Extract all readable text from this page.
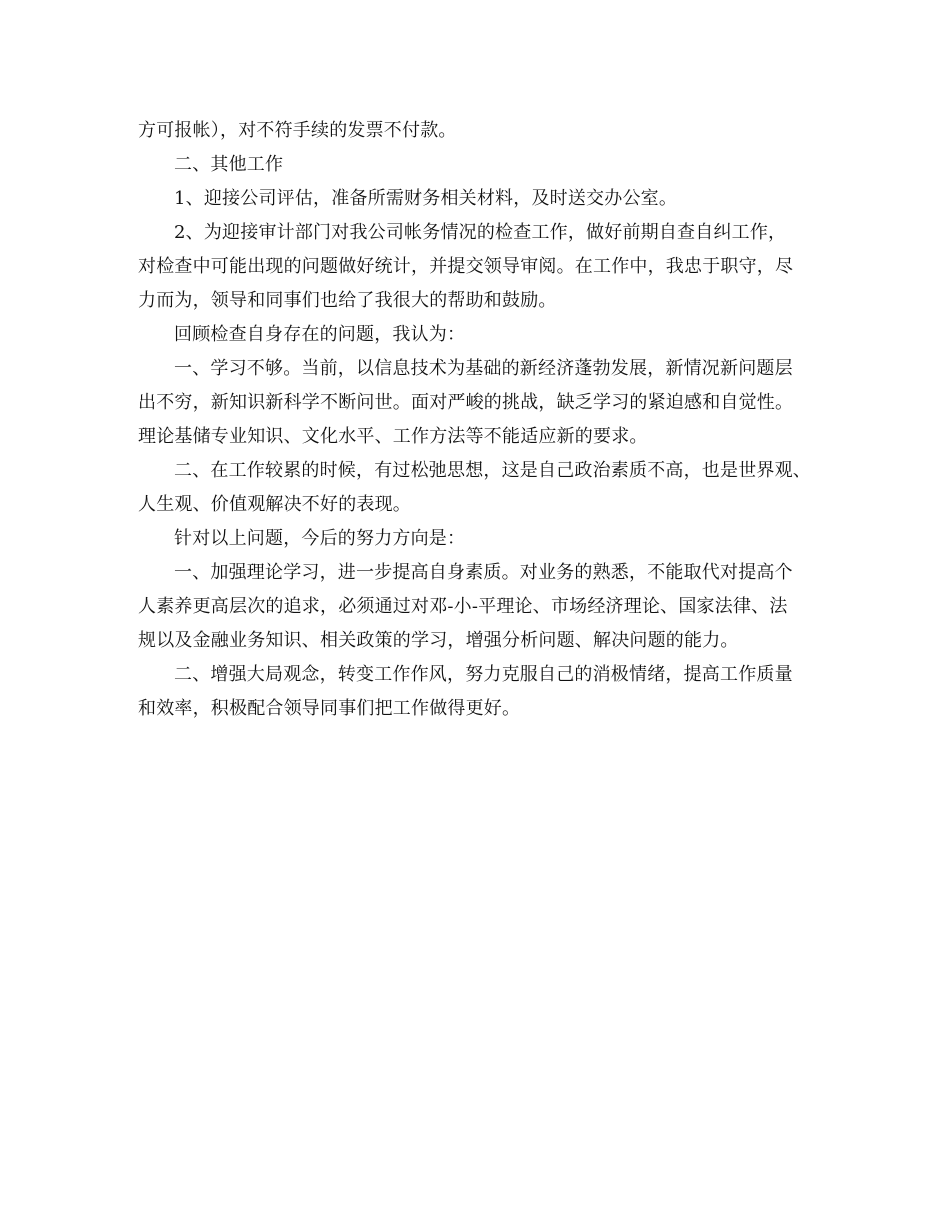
方可报帐），对不符手续的发票不付款。
二、其他工作
1、迎接公司评估，准备所需财务相关材料，及时送交办公室。
2、为迎接审计部门对我公司帐务情况的检查工作，做好前期自查自纠工作，
对检查中可能出现的问题做好统计，并提交领导审阅。在工作中，我忠于职守，尽
力而为，领导和同事们也给了我很大的帮助和鼓励。
回顾检查自身存在的问题，我认为：
一、学习不够。当前，以信息技术为基础的新经济蓬勃发展，新情况新问题层
出不穷，新知识新科学不断问世。面对严峻的挑战，缺乏学习的紧迫感和自觉性。
理论基储专业知识、文化水平、工作方法等不能适应新的要求。
二、在工作较累的时候，有过松弛思想，这是自己政治素质不高，也是世界观、
人生观、价值观解决不好的表现。
针对以上问题，今后的努力方向是：
一、加强理论学习，进一步提高自身素质。对业务的熟悉，不能取代对提高个
人素养更高层次的追求，必须通过对邓-小-平理论、市场经济理论、国家法律、法
规以及金融业务知识、相关政策的学习，增强分析问题、解决问题的能力。
二、增强大局观念，转变工作作风，努力克服自己的消极情绪，提高工作质量
和效率，积极配合领导同事们把工作做得更好。
